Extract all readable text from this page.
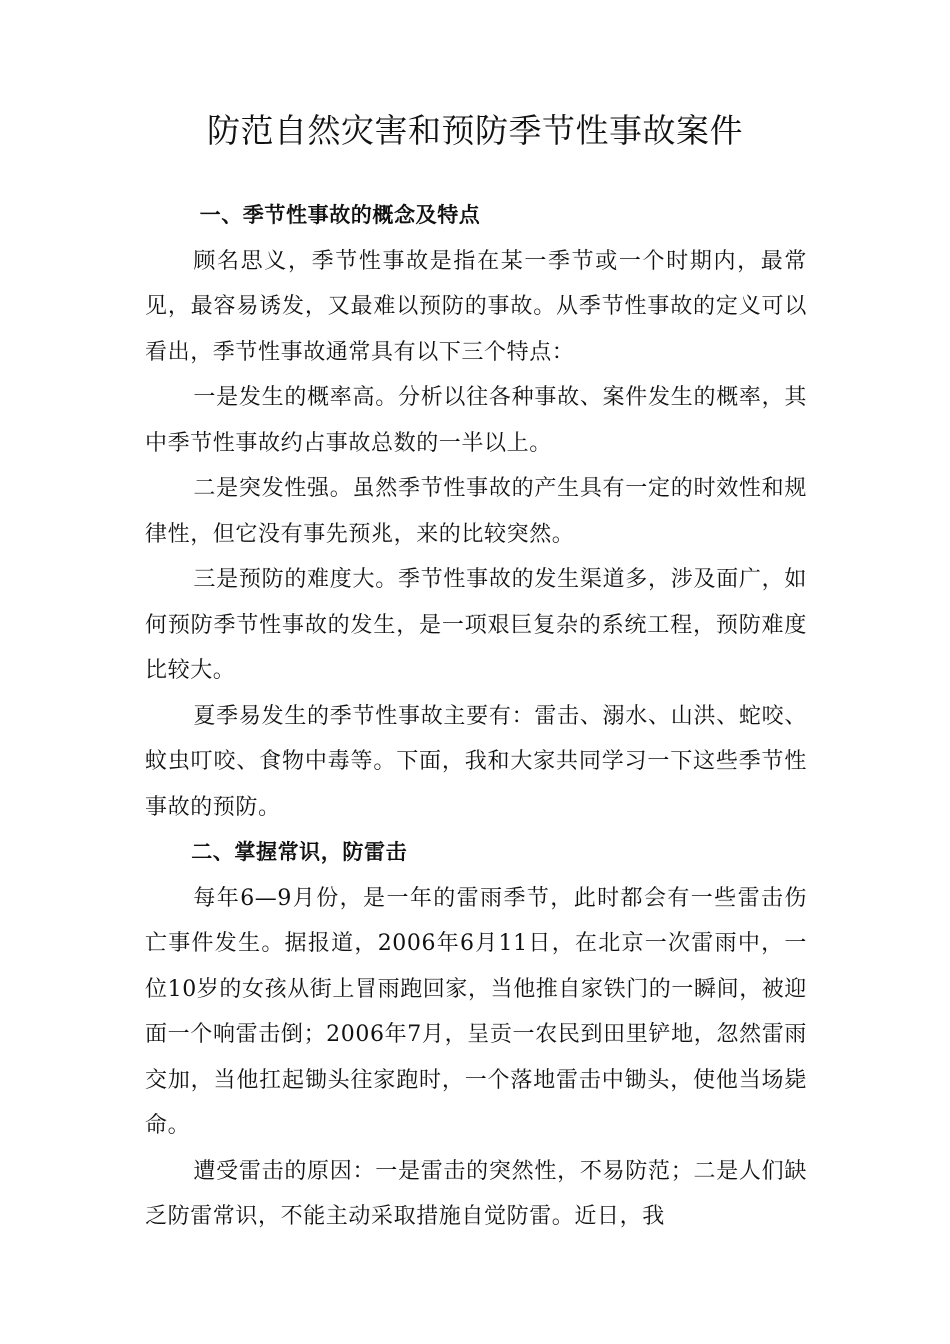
防范自然灾害和预防季节性事故案件
一、季节性事故的概念及特点

顾名思义，季节性事故是指在某一季节或一个时期内，最常见，最容易诱发，又最难以预防的事故。从季节性事故的定义可以看出，季节性事故通常具有以下三个特点：

一是发生的概率高。分析以往各种事故、案件发生的概率，其中季节性事故约占事故总数的一半以上。

二是突发性强。虽然季节性事故的产生具有一定的时效性和规律性，但它没有事先预兆，来的比较突然。

三是预防的难度大。季节性事故的发生渠道多，涉及面广，如何预防季节性事故的发生，是一项艰巨复杂的系统工程，预防难度比较大。

夏季易发生的季节性事故主要有：雷击、溺水、山洪、蛇咬、蚊虫叮咬、食物中毒等。下面，我和大家共同学习一下这些季节性事故的预防。

二、掌握常识，防雷击

每年6—9月份，是一年的雷雨季节，此时都会有一些雷击伤亡事件发生。据报道，2006年6月11日，在北京一次雷雨中，一位10岁的女孩从街上冒雨跑回家，当他推自家铁门的一瞬间，被迎面一个响雷击倒；2006年7月，呈贡一农民到田里铲地，忽然雷雨交加，当他扛起锄头往家跑时，一个落地雷击中锄头，使他当场毙命。

遭受雷击的原因：一是雷击的突然性，不易防范；二是人们缺乏防雷常识，不能主动采取措施自觉防雷。近日，我
